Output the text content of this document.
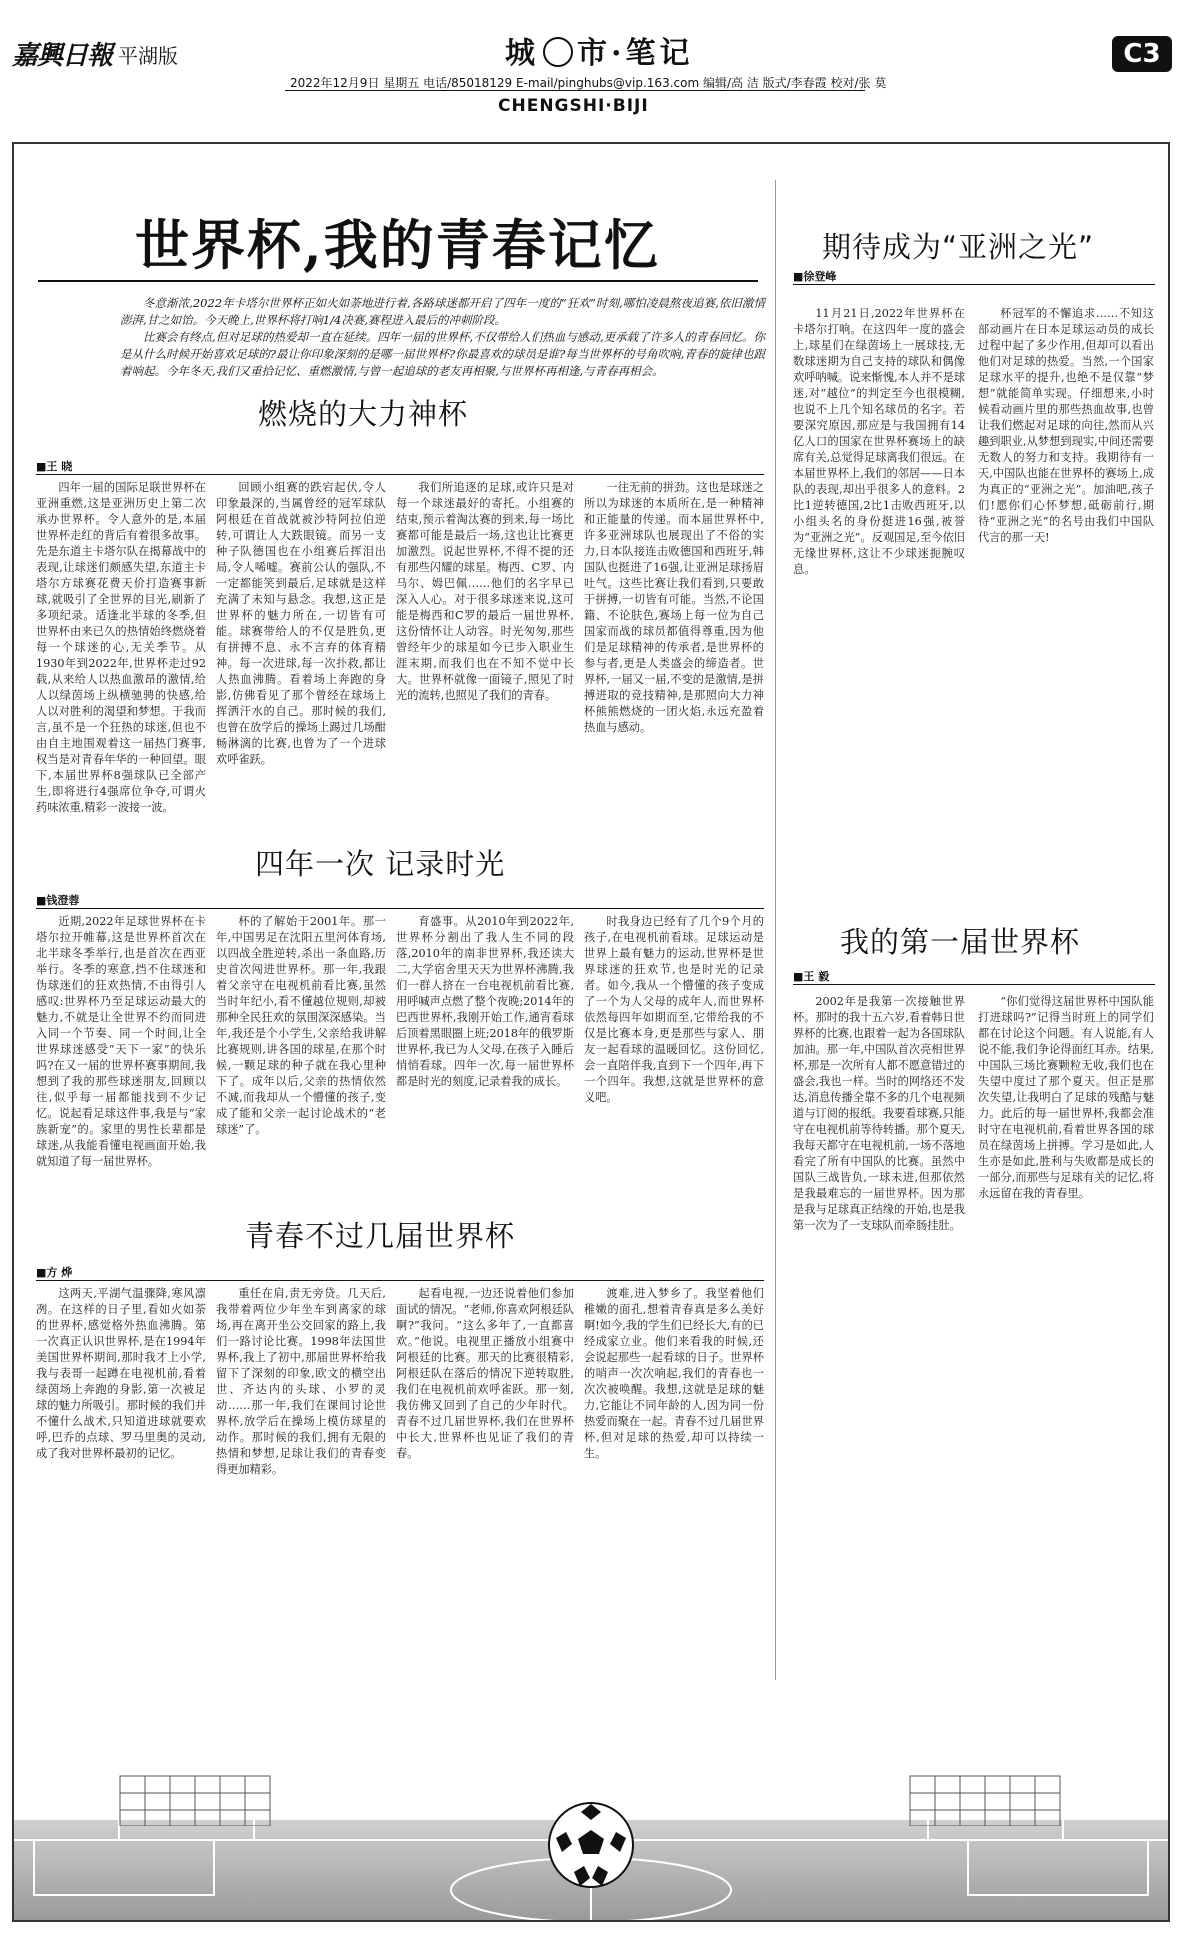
嘉興日報 平湖版	城 市·笔记
2022年12月9日 星期五 电话/85018129 E-mail/pinghubs@vip.163.com 编辑/高 洁 版式/李春霞 校对/张 莫
CHENGSHI·BIJI
C3
世界杯,我的青春记忆

冬意渐浓,2022年卡塔尔世界杯正如火如荼地进行着,各路球迷都开启了四年一度的“狂欢”时刻,哪怕凌晨熬夜追赛,依旧激情澎湃,甘之如饴。今天晚上,世界杯将打响1/4决赛,赛程进入最后的冲刺阶段。

比赛会有终点,但对足球的热爱却一直在延续。四年一届的世界杯,不仅带给人们热血与感动,更承载了许多人的青春回忆。你是从什么时候开始喜欢足球的?最让你印象深刻的是哪一届世界杯?你最喜欢的球员是谁?每当世界杯的号角吹响,青春的旋律也跟着响起。今年冬天,我们又重拾记忆、重燃激情,与曾一起追球的老友再相聚,与世界杯再相逢,与青春再相会。

燃烧的大力神杯
■王 晓

四年一届的国际足联世界杯在亚洲重燃,这是亚洲历史上第二次承办世界杯。令人意外的是,本届世界杯走红的背后有着很多故事。先是东道主卡塔尔队在揭幕战中的表现,让球迷们颇感失望,东道主卡塔尔方球赛花费天价打造赛事新球,就吸引了全世界的目光,刷新了多项纪录。适逢北半球的冬季,但世界杯由来已久的热情始终燃烧着每一个球迷的心,无关季节。从1930年到2022年,世界杯走过92载,从来给人以热血激昂的激情,给人以绿茵场上纵横驰骋的快感,给人以对胜利的渴望和梦想。于我而言,虽不是一个狂热的球迷,但也不由自主地围观着这一届热门赛事,权当是对青春年华的一种回望。眼下,本届世界杯8强球队已全部产生,即将进行4强席位争夺,可谓火药味浓重,精彩一波接一波。

回顾小组赛的跌宕起伏,令人印象最深的,当属曾经的冠军球队阿根廷在首战就被沙特阿拉伯逆转,可谓让人大跌眼镜。而另一支种子队德国也在小组赛后挥泪出局,令人唏嘘。赛前公认的强队,不一定都能笑到最后,足球就是这样充满了未知与悬念。我想,这正是世界杯的魅力所在,一切皆有可能。球赛带给人的不仅是胜负,更有拼搏不息、永不言弃的体育精神。每一次进球,每一次扑救,都让人热血沸腾。看着场上奔跑的身影,仿佛看见了那个曾经在球场上挥洒汗水的自己。那时候的我们,也曾在放学后的操场上踢过几场酣畅淋漓的比赛,也曾为了一个进球欢呼雀跃。

我们所追逐的足球,或许只是对每一个球迷最好的寄托。小组赛的结束,预示着淘汰赛的到来,每一场比赛都可能是最后一场,这也让比赛更加激烈。说起世界杯,不得不提的还有那些闪耀的球星。梅西、C罗、内马尔、姆巴佩……他们的名字早已深入人心。对于很多球迷来说,这可能是梅西和C罗的最后一届世界杯,这份情怀让人动容。时光匆匆,那些曾经年少的球星如今已步入职业生涯末期,而我们也在不知不觉中长大。世界杯就像一面镜子,照见了时光的流转,也照见了我们的青春。

一往无前的拼劲。这也是球迷之所以为球迷的本质所在,是一种精神和正能量的传递。而本届世界杯中,许多亚洲球队也展现出了不俗的实力,日本队接连击败德国和西班牙,韩国队也挺进了16强,让亚洲足球扬眉吐气。这些比赛让我们看到,只要敢于拼搏,一切皆有可能。当然,不论国籍、不论肤色,赛场上每一位为自己国家而战的球员都值得尊重,因为他们是足球精神的传承者,是世界杯的参与者,更是人类盛会的缔造者。世界杯,一届又一届,不变的是激情,是拼搏进取的竞技精神,是那照向大力神杯熊熊燃烧的一团火焰,永远充盈着热血与感动。

四年一次 记录时光
■钱澄蓉

近期,2022年足球世界杯在卡塔尔拉开帷幕,这是世界杯首次在北半球冬季举行,也是首次在西亚举行。冬季的寒意,挡不住球迷和伪球迷们的狂欢热情,不由得引人感叹:世界杯乃至足球运动最大的魅力,不就是让全世界不约而同进入同一个节奏、同一个时间,让全世界球迷感受“天下一家”的快乐吗?在又一届的世界杯赛事期间,我想到了我的那些球迷朋友,回顾以往,似乎每一届都能找到不少记忆。说起看足球这件事,我是与“家族新宠”的。家里的男性长辈都是球迷,从我能看懂电视画面开始,我就知道了每一届世界杯。

杯的了解始于2001年。那一年,中国男足在沈阳五里河体育场,以四战全胜逆转,杀出一条血路,历史首次闯进世界杯。那一年,我跟着父亲守在电视机前看比赛,虽然当时年纪小,看不懂越位规则,却被那种全民狂欢的氛围深深感染。当年,我还是个小学生,父亲给我讲解比赛规则,讲各国的球星,在那个时候,一颗足球的种子就在我心里种下了。成年以后,父亲的热情依然不减,而我却从一个懵懂的孩子,变成了能和父亲一起讨论战术的“老球迷”了。

育盛事。从2010年到2022年,世界杯分割出了我人生不同的段落,2010年的南非世界杯,我还读大二,大学宿舍里天天为世界杯沸腾,我们一群人挤在一台电视机前看比赛,用呼喊声点燃了整个夜晚;2014年的巴西世界杯,我刚开始工作,通宵看球后顶着黑眼圈上班;2018年的俄罗斯世界杯,我已为人父母,在孩子入睡后悄悄看球。四年一次,每一届世界杯都是时光的刻度,记录着我的成长。

时我身边已经有了几个9个月的孩子,在电视机前看球。足球运动是世界上最有魅力的运动,世界杯是世界球迷的狂欢节,也是时光的记录者。如今,我从一个懵懂的孩子变成了一个为人父母的成年人,而世界杯依然每四年如期而至,它带给我的不仅是比赛本身,更是那些与家人、朋友一起看球的温暖回忆。这份回忆,会一直陪伴我,直到下一个四年,再下一个四年。我想,这就是世界杯的意义吧。

青春不过几届世界杯
■方 烨

这两天,平湖气温骤降,寒风凛冽。在这样的日子里,看如火如荼的世界杯,感觉格外热血沸腾。第一次真正认识世界杯,是在1994年美国世界杯期间,那时我才上小学,我与表哥一起蹲在电视机前,看着绿茵场上奔跑的身影,第一次被足球的魅力所吸引。那时候的我们并不懂什么战术,只知道进球就要欢呼,巴乔的点球、罗马里奥的灵动,成了我对世界杯最初的记忆。

重任在肩,责无旁贷。几天后,我带着两位少年坐车到离家的球场,再在离开坐公交回家的路上,我们一路讨论比赛。1998年法国世界杯,我上了初中,那届世界杯给我留下了深刻的印象,欧文的横空出世、齐达内的头球、小罗的灵动……那一年,我们在课间讨论世界杯,放学后在操场上模仿球星的动作。那时候的我们,拥有无限的热情和梦想,足球让我们的青春变得更加精彩。

起看电视,一边还说着他们参加面试的情况。“老师,你喜欢阿根廷队啊?”我问。“这么多年了,一直都喜欢。”他说。电视里正播放小组赛中阿根廷的比赛。那天的比赛很精彩,阿根廷队在落后的情况下逆转取胜,我们在电视机前欢呼雀跃。那一刻,我仿佛又回到了自己的少年时代。青春不过几届世界杯,我们在世界杯中长大,世界杯也见证了我们的青春。

渡难,进入梦乡了。我坚着他们稚嫩的面孔,想着青春真是多么美好啊!如今,我的学生们已经长大,有的已经成家立业。他们来看我的时候,还会说起那些一起看球的日子。世界杯的哨声一次次响起,我们的青春也一次次被唤醒。我想,这就是足球的魅力,它能让不同年龄的人,因为同一份热爱而聚在一起。青春不过几届世界杯,但对足球的热爱,却可以持续一生。

期待成为“亚洲之光”
■徐登峰

11月21日,2022年世界杯在卡塔尔打响。在这四年一度的盛会上,球星们在绿茵场上一展球技,无数球迷期为自己支持的球队和偶像欢呼呐喊。说来惭愧,本人并不是球迷,对“越位”的判定至今也很模糊,也说不上几个知名球员的名字。若要深究原因,那应是与我国拥有14亿人口的国家在世界杯赛场上的缺席有关,总觉得足球离我们很远。在本届世界杯上,我们的邻居——日本队的表现,却出乎很多人的意料。2比1逆转德国,2比1击败西班牙,以小组头名的身份挺进16强,被誉为“亚洲之光”。反观国足,至今依旧无缘世界杯,这让不少球迷扼腕叹息。

杯冠军的不懈追求……不知这部动画片在日本足球运动员的成长过程中起了多少作用,但却可以看出他们对足球的热爱。当然,一个国家足球水平的提升,也绝不是仅靠“梦想”就能简单实现。仔细想来,小时候看动画片里的那些热血故事,也曾让我们燃起对足球的向往,然而从兴趣到职业,从梦想到现实,中间还需要无数人的努力和支持。我期待有一天,中国队也能在世界杯的赛场上,成为真正的“亚洲之光”。加油吧,孩子们!愿你们心怀梦想,砥砺前行,期待“亚洲之光”的名号由我们中国队代言的那一天!

我的第一届世界杯
■王 毅

2002年是我第一次接触世界杯。那时的我十五六岁,看着韩日世界杯的比赛,也跟着一起为各国球队加油。那一年,中国队首次亮相世界杯,那是一次所有人都不愿意错过的盛会,我也一样。当时的网络还不发达,消息传播全靠不多的几个电视频道与订阅的报纸。我要看球赛,只能守在电视机前等待转播。那个夏天,我每天都守在电视机前,一场不落地看完了所有中国队的比赛。虽然中国队三战皆负,一球未进,但那依然是我最难忘的一届世界杯。因为那是我与足球真正结缘的开始,也是我第一次为了一支球队而牵肠挂肚。

“你们觉得这届世界杯中国队能打进球吗?”记得当时班上的同学们都在讨论这个问题。有人说能,有人说不能,我们争论得面红耳赤。结果,中国队三场比赛颗粒无收,我们也在失望中度过了那个夏天。但正是那次失望,让我明白了足球的残酷与魅力。此后的每一届世界杯,我都会准时守在电视机前,看着世界各国的球员在绿茵场上拼搏。学习是如此,人生亦是如此,胜利与失败都是成长的一部分,而那些与足球有关的记忆,将永远留在我的青春里。
